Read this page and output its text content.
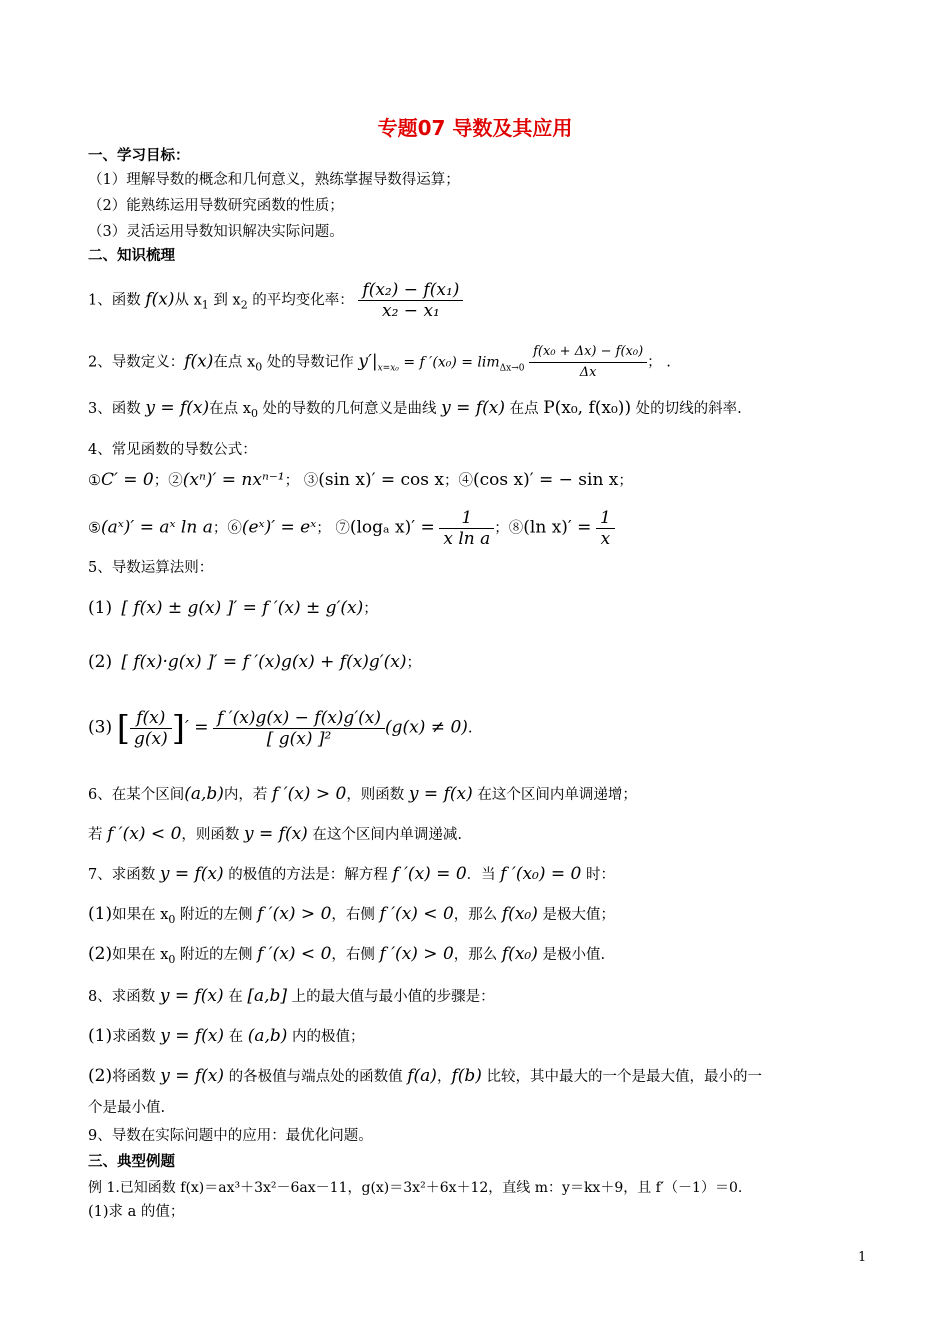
专题07 导数及其应用
一、学习目标：
（1）理解导数的概念和几何意义，熟练掌握导数得运算；
（2）能熟练运用导数研究函数的性质；
（3）灵活运用导数知识解决实际问题。
二、知识梳理
1、函数 f(x)从 $x_1$ 到 $x_2$ 的平均变化率： $\frac{\text{f(x₂) − f(x₁)}}{\text{x₂ − x₁}}$
2、导数定义：f(x)在点 $x_0$ 处的导数记作 $y'|_{x=x_0} = f$ $'(x_0) = \lim_{\Delta x\to 0} \frac{\text{f(x₀ + Δx) − f(x₀)}}{\Delta x}$ ； .
3、函数 y = f(x)在点 $x_0$ 处的导数的几何意义是曲线 y = f(x) 在点 P(x₀, f(x₀)) 处的切线的斜率.
4、常见函数的导数公式：
①C′ = 0；②(xⁿ)′ = nxⁿ⁻¹； ③(sin x)′ = cos x；④(cos x)′ = − sin x；
⑤(aˣ)′ = aˣ ln a；⑥(eˣ)′ = eˣ； ⑦(logₐ $x)' = \frac{1}{\text{x ln a}}$ ；⑧(ln $x)' = \frac{1}{x}$
5、导数运算法则：
(1) [ f(x) ± g(x) ]′ = f ′(x) ± g′(x)；
(2) [ f(x)·g(x) ]′ = f ′(x)g(x) + f(x)g′(x)；
(3) [ $\frac{f(x)}{g(x)}$ ]′ = $\frac{f '(x)g(x) - f(x)g'(x)}{\text{[ g(x) ]²}} (g(x) \ne 0)$.
6、在某个区间(a,b)内，若 f ′(x) > 0，则函数 y = f(x) 在这个区间内单调递增；
若 f ′(x) < 0，则函数 y = f(x) 在这个区间内单调递减.
7、求函数 y = f(x) 的极值的方法是：解方程 f ′(x) = 0．当 f ′(x₀) = 0 时：
(1)如果在 $x_0$ 附近的左侧 f ′(x) > 0，右侧 f ′(x) < 0，那么 f(x₀) 是极大值；
(2)如果在 $x_0$ 附近的左侧 f ′(x) < 0，右侧 f ′(x) > 0，那么 f(x₀) 是极小值.
8、求函数 y = f(x) 在 [a,b] 上的最大值与最小值的步骤是：
(1)求函数 y = f(x) 在 (a,b) 内的极值；
(2)将函数 y = f(x) 的各极值与端点处的函数值 f(a)，f(b) 比较，其中最大的一个是最大值，最小的一
个是最小值.
9、导数在实际问题中的应用：最优化问题。
三、典型例题
例 1.已知函数 f(x)＝ax³＋3x²－6ax－11，g(x)＝3x²＋6x＋12，直线 m：y＝kx＋9，且 f′（－1）＝0.
(1)求 a 的值；
1
